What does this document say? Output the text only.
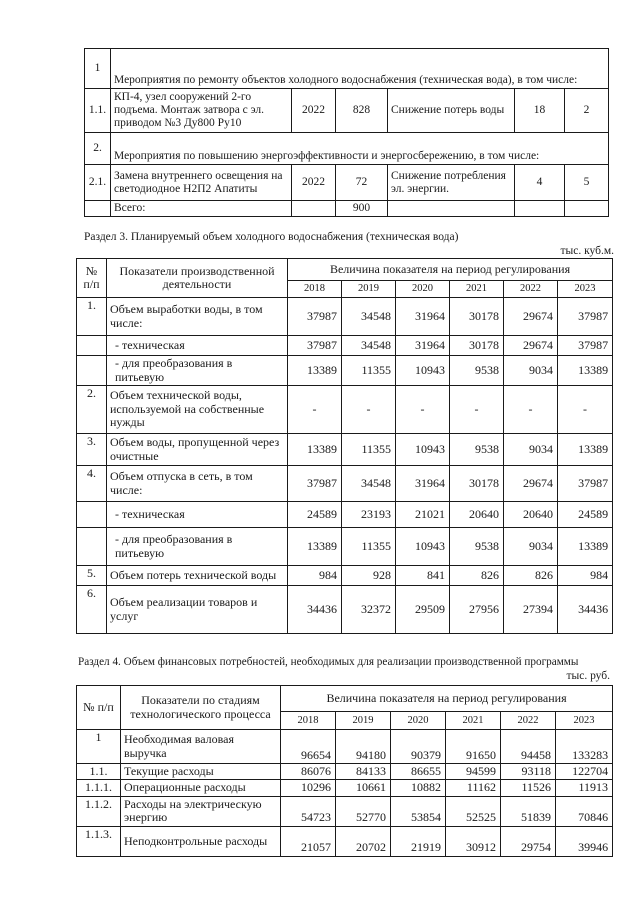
1	Мероприятия по ремонту объектов холодного водоснабжения (техническая вода), в том числе:					
1.1.	КП-4, узел сооружений 2-го подъема. Монтаж затвора с эл. приводом №3 Ду800 Ру10	2022	828	Снижение потерь воды	18	2
2.	Мероприятия по повышению энергоэффективности и энергосбережению, в том числе:					
2.1.	Замена внутреннего освещения на светодиодное Н2П2 Апатиты	2022	72	Снижение потребления эл. энергии.	4	5
	Всего:		900			
Раздел 3. Планируемый объем холодного водоснабжения (техническая вода)
тыс. куб.м.
№ п/п	Показатели производственной деятельности	Величина показателя на период регулирования					
		2018	2019	2020	2021	2022	2023
1.	Объем выработки воды, в том числе:	37987	34548	31964	30178	29674	37987
	- техническая	37987	34548	31964	30178	29674	37987
	- для преобразования в питьевую	13389	11355	10943	9538	9034	13389
2.	Объем технической воды, используемой на собственные нужды	-	-	-	-	-	-
3.	Объем воды, пропущенной через очистные	13389	11355	10943	9538	9034	13389
4.	Объем отпуска в сеть, в том числе:	37987	34548	31964	30178	29674	37987
	- техническая	24589	23193	21021	20640	20640	24589
	- для преобразования в питьевую	13389	11355	10943	9538	9034	13389
5.	Объем потерь технической воды	984	928	841	826	826	984
6.	Объем реализации товаров и услуг	34436	32372	29509	27956	27394	34436
Раздел 4. Объем финансовых потребностей, необходимых для реализации производственной программы
тыс. руб.
№ п/п	Показатели по стадиям технологического процесса	Величина показателя на период регулирования					
		2018	2019	2020	2021	2022	2023
1	Необходимая валовая выручка	96654	94180	90379	91650	94458	133283
1.1.	Текущие расходы	86076	84133	86655	94599	93118	122704
1.1.1.	Операционные расходы	10296	10661	10882	11162	11526	11913
1.1.2.	Расходы на электрическую энергию	54723	52770	53854	52525	51839	70846
1.1.3.	Неподконтрольные расходы	21057	20702	21919	30912	29754	39946
